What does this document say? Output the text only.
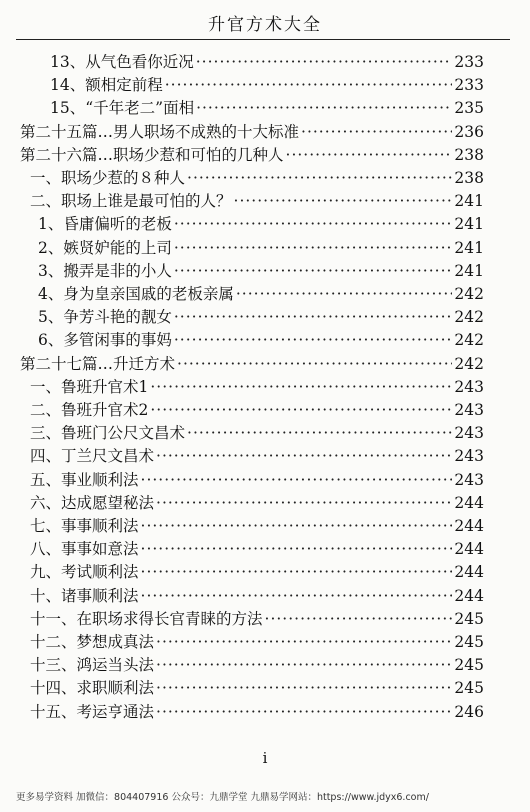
升官方术大全
13、从气色看你近况 ·····	233
14、额相定前程 ·····	233
15、“千年老二”面相 ·····	235
第二十五篇…男人职场不成熟的十大标准 ·····	236
第二十六篇…职场少惹和可怕的几种人 ·····	238
一、职场少惹的８种人 ·····	238
二、职场上谁是最可怕的人？ ·····	241
1、昏庸偏听的老板 ·····	241
2、嫉贤妒能的上司 ·····	241
3、搬弄是非的小人 ·····	241
4、身为皇亲国戚的老板亲属 ·····	242
5、争芳斗艳的靓女 ·····	242
6、多管闲事的事妈 ·····	242
第二十七篇…升迁方术 ·····	242
一、鲁班升官术1 ·····	243
二、鲁班升官术2 ·····	243
三、鲁班门公尺文昌术 ·····	243
四、丁兰尺文昌术 ·····	243
五、事业顺利法 ·····	243
六、达成愿望秘法 ·····	244
七、事事顺利法 ·····	244
八、事事如意法 ·····	244
九、考试顺利法 ·····	244
十、诸事顺利法 ·····	244
十一、在职场求得长官青睐的方法 ·····	245
十二、梦想成真法 ·····	245
十三、鸿运当头法 ·····	245
十四、求职顺利法 ·····	245
十五、考运亨通法 ·····	246
i
更多易学资料 加微信：804407916 公众号：九鼎学堂 九鼎易学网站：https://www.jdyx6.com/
